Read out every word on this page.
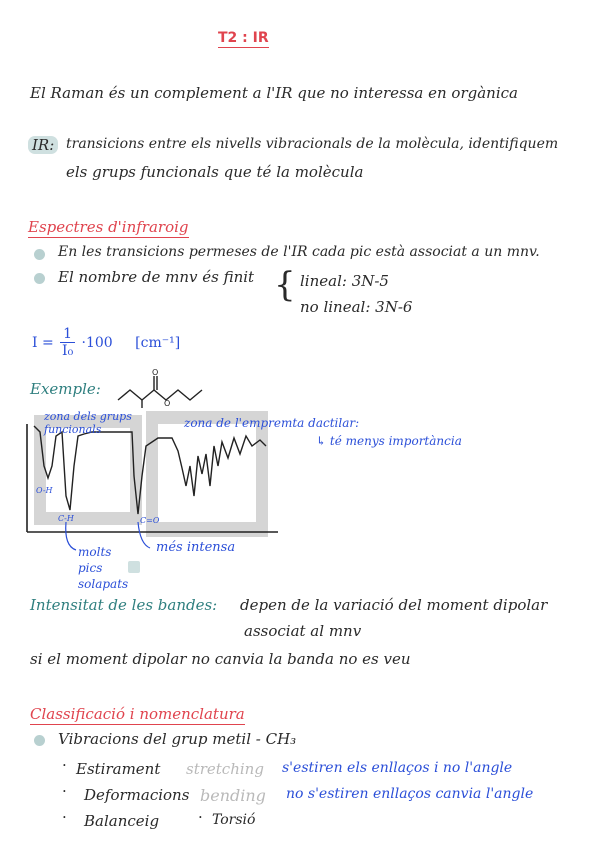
T2 : IR
El Raman és un complement a l'IR que no interessa en orgànica
IR: transicions entre els nivells vibracionals de la molècula, identifiquem
els grups funcionals que té la molècula
Espectres d'infraroig
En les transicions permeses de l'IR cada pic està associat a un mnv.
El nombre de mnv és finit { lineal: 3N-5
no lineal: 3N-6
$I = \frac{1}{\text{I₀}} \cdot 100$ [cm⁻¹]
Exemple:
O
O
zona dels grups funcionals	zona de l'empremta dactilar:
↳ té menys importància
O-H
C-H	C=O
molts pics solapats
més intensa
Intensitat de les bandes: depen de la variació del moment dipolar
associat al mnv
si el moment dipolar no canvia la banda no es veu
Classificació i nomenclatura
Vibracions del grup metil - CH₃
Estirament
·	stretching s'estiren els enllaços i no l'angle
· Deformacions bending no s'estiren enllaços canvia l'angle
· Balanceig	· Torsió
